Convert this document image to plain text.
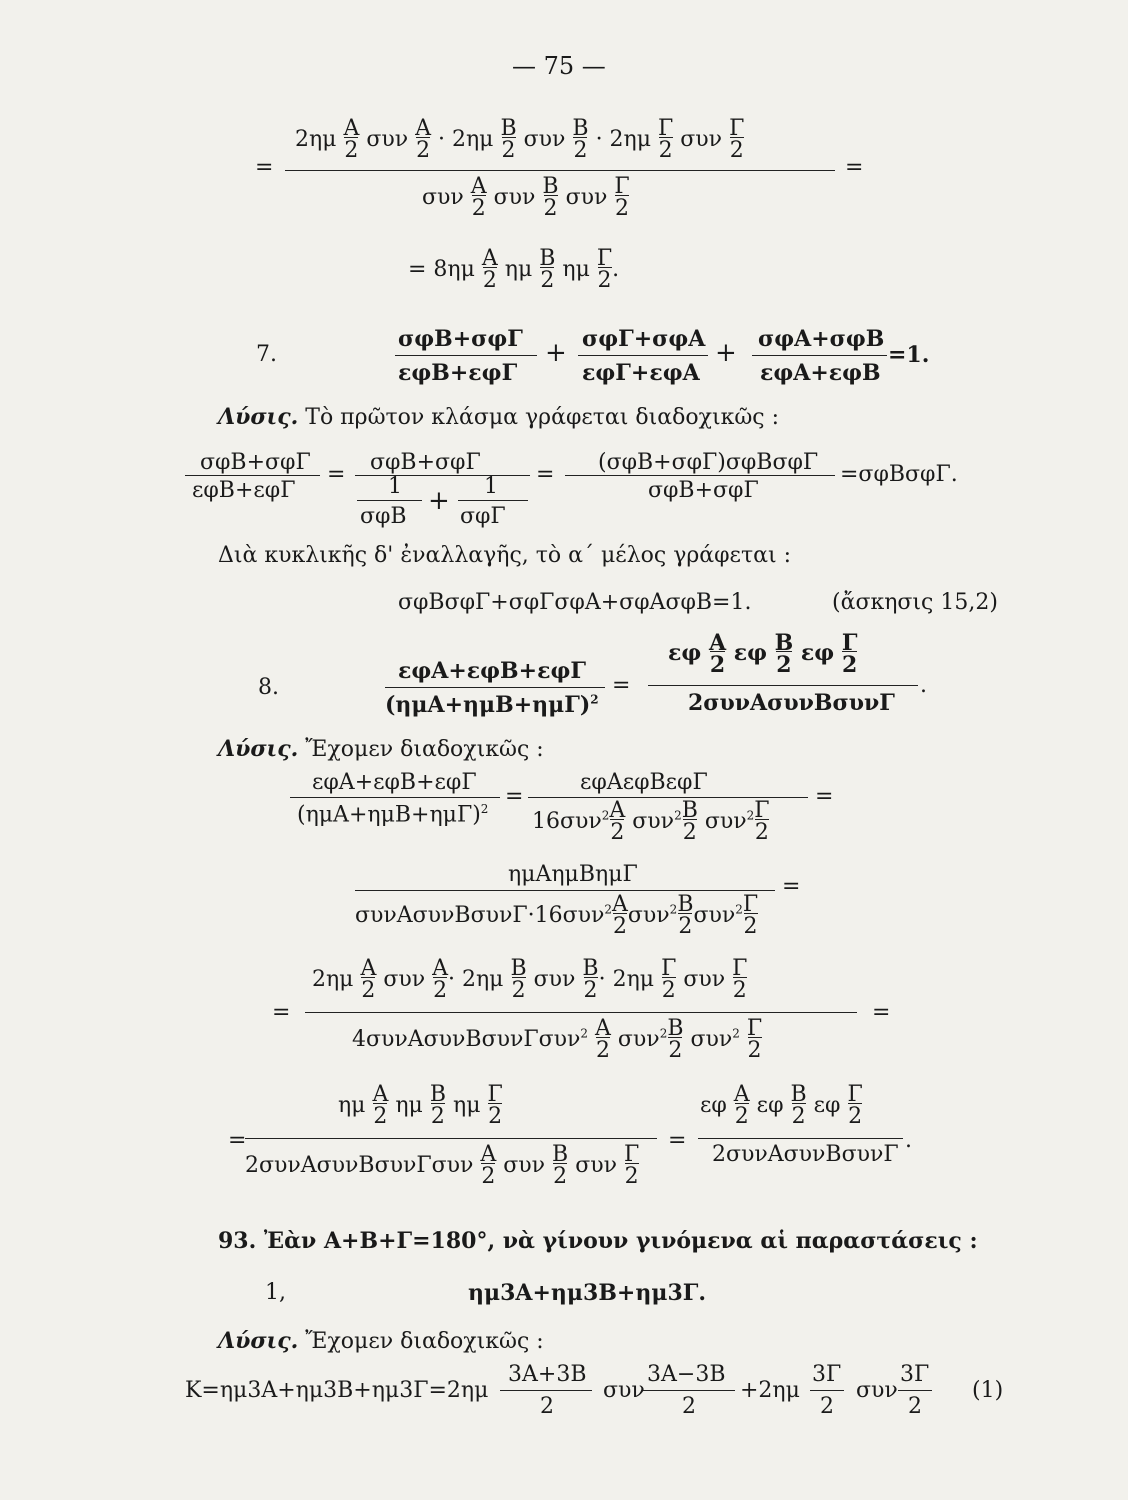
— 75 —
=
2ημ A
2 συν A
2 · 2ημ B
2 συν B
2 · 2ημ Γ
2 συν Γ
2
=
συν A
2 συν B
2 συν Γ
2
= 8ημ A
2 ημ B
2 ημ Γ
2.
7.
σφB+σφΓ
εφB+εφΓ
+ σφΓ+σφA
εφΓ+εφA
+ σφA+σφB
εφA+εφB
=1.
Λύσις. Τὸ πρῶτον κλάσμα γράφεται διαδοχικῶς :
σφB+σφΓ
εφB+εφΓ
= σφB+σφΓ
1
σφB
+ 1
σφΓ
= (σφB+σφΓ)σφBσφΓ
σφB+σφΓ
=σφBσφΓ.
Διὰ κυκλικῆς δ' ἐναλλαγῆς, τὸ α΄ μέλος γράφεται :
σφBσφΓ+σφΓσφA+σφAσφB=1.	(ἄσκησις 15,2)
8.
εφA+εφB+εφΓ
$(\eta\mu A+\eta\mu B+\eta\mu\Gamma)^2$
=
εφ A
2 εφ B
2 εφ Γ
2
2συνAσυνBσυνΓ
.
Λύσις. Ἔχομεν διαδοχικῶς :
εφA+εφB+εφΓ
$(\eta\mu A+\eta\mu B+\eta\mu\Gamma)^2$ =
εφAεφBεφΓ
16συν$^2$A
2 συν$^2$B
2 συν$^2$Γ
2
=
ημAημBημΓ
συνAσυνBσυνΓ·16συν$^2$A
2συν$^2$B
2συν$^2$Γ
2
=
=
2ημ A
2 συν A
2· 2ημ B
2 συν B
2· 2ημ Γ
2 συν Γ
2
=
4συνAσυνBσυνΓσυν$^2$ A
2 συν$^2$B
2 συν$^2$ Γ
2
=
ημ A
2 ημ B
2 ημ Γ
2
2συνAσυνBσυνΓσυν A
2 συν B
2 συν Γ
2
=
εφ A
2 εφ B
2 εφ Γ
2
2συνAσυνBσυνΓ
.
93. Ἐὰν A+B+Γ=180°, νὰ γίνουν γινόμενα αἱ παραστάσεις :
1,	ημ3A+ημ3B+ημ3Γ.
Λύσις. Ἔχομεν διαδοχικῶς :
K=ημ3A+ημ3B+ημ3Γ=2ημ
3A+3B
2
συν
3A−3B
2
+2ημ
3Γ
2
συν
3Γ
2
(1)
